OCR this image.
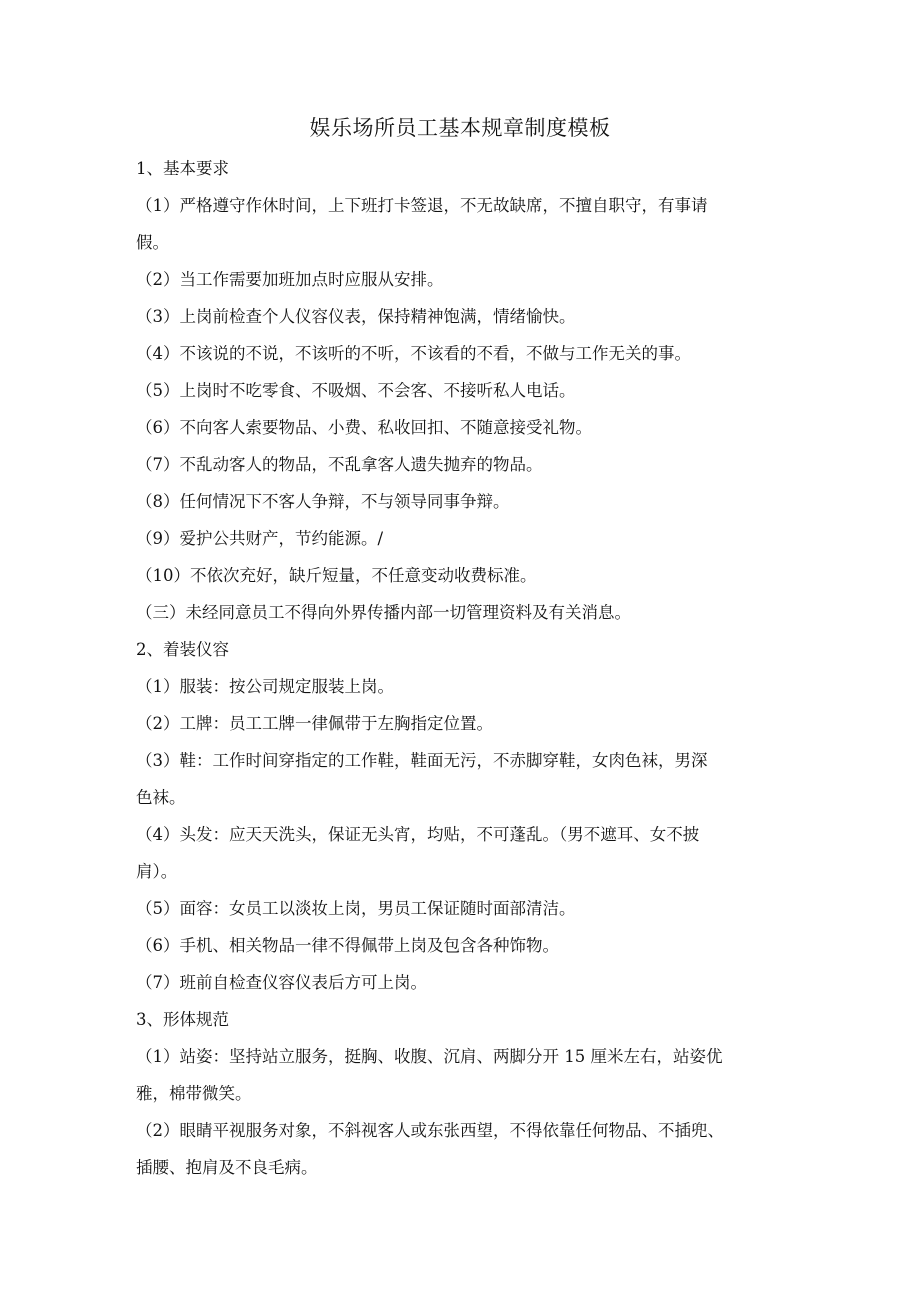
娱乐场所员工基本规章制度模板
1、基本要求
（1）严格遵守作休时间，上下班打卡签退，不无故缺席，不擅自职守，有事请
假。
（2）当工作需要加班加点时应服从安排。
（3）上岗前检查个人仪容仪表，保持精神饱满，情绪愉快。
（4）不该说的不说，不该听的不听，不该看的不看，不做与工作无关的事。
（5）上岗时不吃零食、不吸烟、不会客、不接听私人电话。
（6）不向客人索要物品、小费、私收回扣、不随意接受礼物。
（7）不乱动客人的物品，不乱拿客人遗失抛弃的物品。
（8）任何情况下不客人争辩，不与领导同事争辩。
（9）爱护公共财产，节约能源。/
（10）不依次充好，缺斤短量，不任意变动收费标准。
（三）未经同意员工不得向外界传播内部一切管理资料及有关消息。
2、着装仪容
（1）服装：按公司规定服装上岗。
（2）工牌：员工工牌一律佩带于左胸指定位置。
（3）鞋：工作时间穿指定的工作鞋，鞋面无污，不赤脚穿鞋，女肉色袜，男深
色袜。
（4）头发：应天天洗头，保证无头宵，均贴，不可蓬乱。（男不遮耳、女不披
肩）。
（5）面容：女员工以淡妆上岗，男员工保证随时面部清洁。
（6）手机、相关物品一律不得佩带上岗及包含各种饰物。
（7）班前自检查仪容仪表后方可上岗。
3、形体规范
（1）站姿：坚持站立服务，挺胸、收腹、沉肩、两脚分开 15 厘米左右，站姿优
雅，棉带微笑。
（2）眼睛平视服务对象，不斜视客人或东张西望，不得依靠任何物品、不插兜、
插腰、抱肩及不良毛病。
